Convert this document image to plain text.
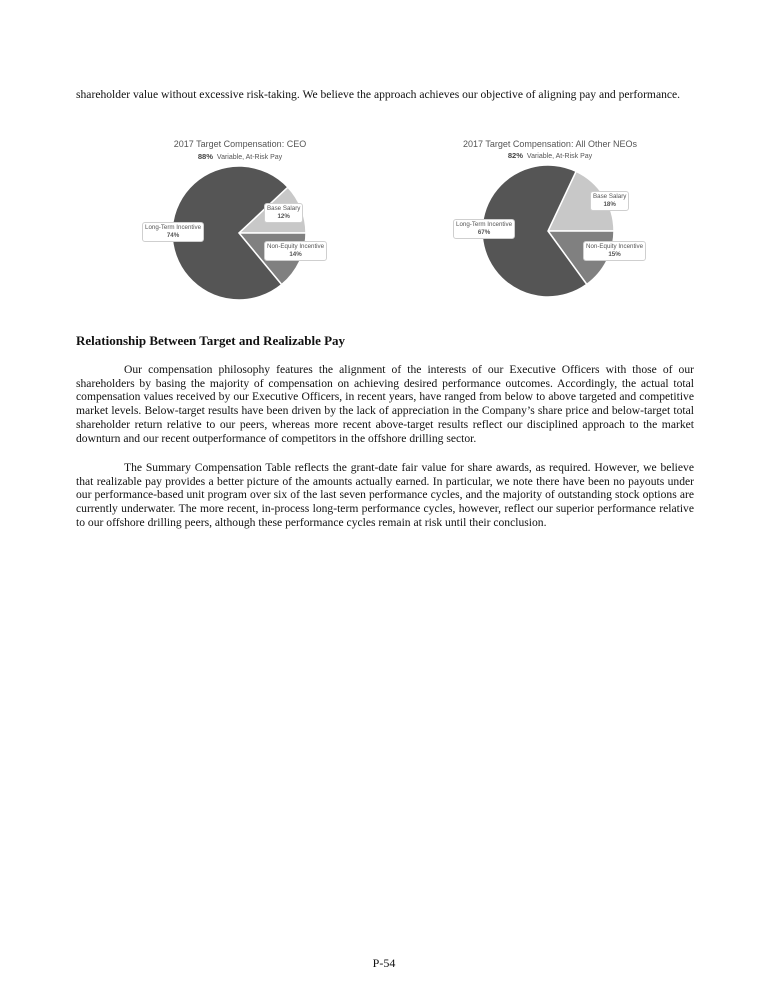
shareholder value without excessive risk-taking. We believe the approach achieves our objective of aligning pay and performance.

2017 Target Compensation: CEO
88% Variable, At-Risk Pay
Base Salary
12%
Non-Equity Incentive
14%
Long-Term Incentive
74%
2017 Target Compensation: All Other NEOs
82% Variable, At-Risk Pay
Base Salary
18%
Non-Equity Incentive
15%
Long-Term Incentive
67%
Relationship Between Target and Realizable Pay

Our compensation philosophy features the alignment of the interests of our Executive Officers with those of our shareholders by basing the majority of compensation on achieving desired performance outcomes. Accordingly, the actual total compensation values received by our Executive Officers, in recent years, have ranged from below to above targeted and competitive market levels. Below-target results have been driven by the lack of appreciation in the Company’s share price and below-target total shareholder return relative to our peers, whereas more recent above-target results reflect our disciplined approach to the market downturn and our recent outperformance of competitors in the offshore drilling sector.

The Summary Compensation Table reflects the grant-date fair value for share awards, as required. However, we believe that realizable pay provides a better picture of the amounts actually earned. In particular, we note there have been no payouts under our performance-based unit program over six of the last seven performance cycles, and the majority of outstanding stock options are currently underwater. The more recent, in-process long-term performance cycles, however, reflect our superior performance relative to our offshore drilling peers, although these performance cycles remain at risk until their conclusion.

P-54
